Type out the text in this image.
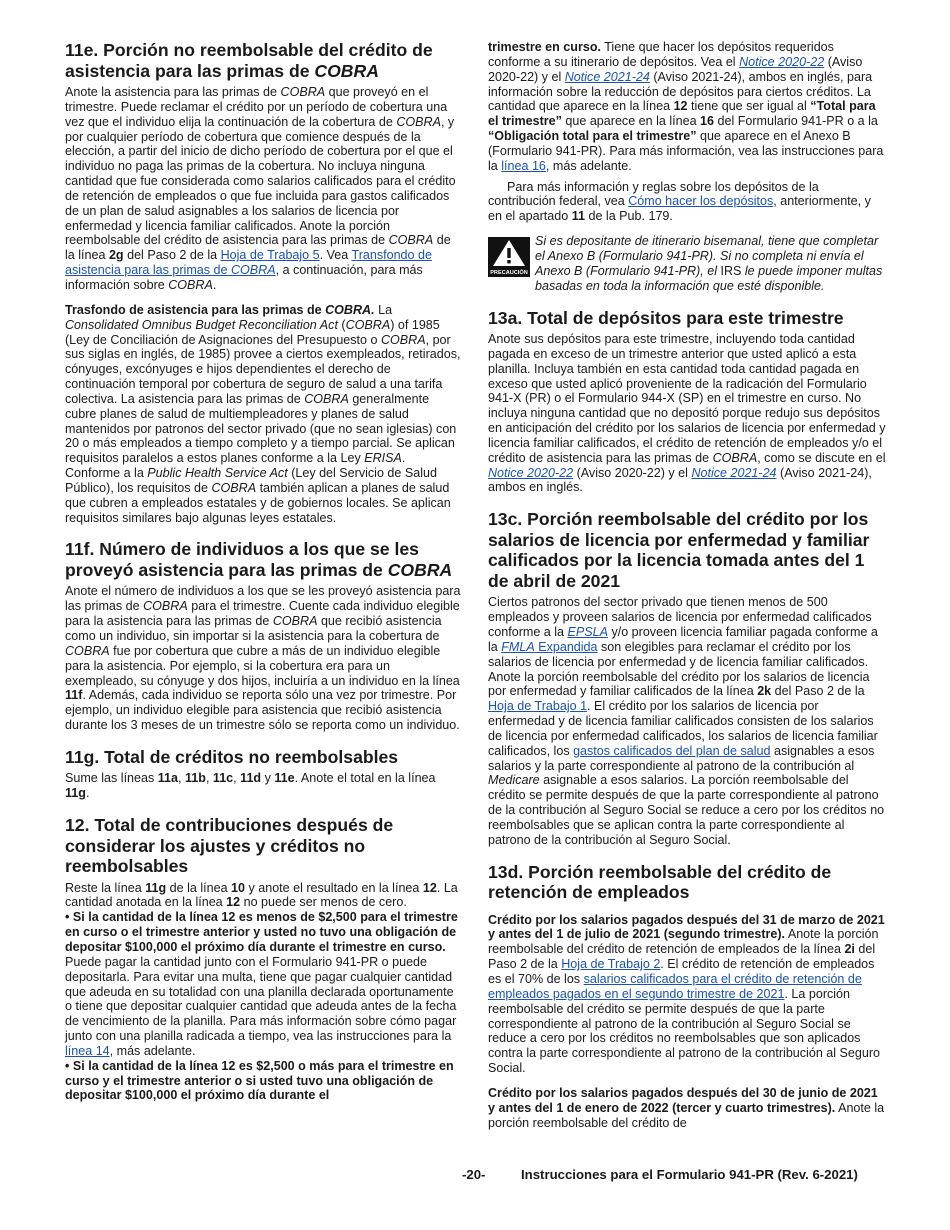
11e. Porción no reembolsable del crédito de asistencia para las primas de COBRA

Anote la asistencia para las primas de COBRA que proveyó en el trimestre. Puede reclamar el crédito por un período de cobertura una vez que el individuo elija la continuación de la cobertura de COBRA, y por cualquier período de cobertura que comience después de la elección, a partir del inicio de dicho período de cobertura por el que el individuo no paga las primas de la cobertura. No incluya ninguna cantidad que fue considerada como salarios calificados para el crédito de retención de empleados o que fue incluida para gastos calificados de un plan de salud asignables a los salarios de licencia por enfermedad y licencia familiar calificados. Anote la porción reembolsable del crédito de asistencia para las primas de COBRA de la línea 2g del Paso 2 de la Hoja de Trabajo 5. Vea Transfondo de asistencia para las primas de COBRA, a continuación, para más información sobre COBRA.

Trasfondo de asistencia para las primas de COBRA. La Consolidated Omnibus Budget Reconciliation Act (COBRA) of 1985 (Ley de Conciliación de Asignaciones del Presupuesto o COBRA, por sus siglas en inglés, de 1985) provee a ciertos exempleados, retirados, cónyuges, excónyuges e hijos dependientes el derecho de continuación temporal por cobertura de seguro de salud a una tarifa colectiva. La asistencia para las primas de COBRA generalmente cubre planes de salud de multiempleadores y planes de salud mantenidos por patronos del sector privado (que no sean iglesias) con 20 o más empleados a tiempo completo y a tiempo parcial. Se aplican requisitos paralelos a estos planes conforme a la Ley ERISA. Conforme a la Public Health Service Act (Ley del Servicio de Salud Público), los requisitos de COBRA también aplican a planes de salud que cubren a empleados estatales y de gobiernos locales. Se aplican requisitos similares bajo algunas leyes estatales.

11f. Número de individuos a los que se les proveyó asistencia para las primas de COBRA

Anote el número de individuos a los que se les proveyó asistencia para las primas de COBRA para el trimestre. Cuente cada individuo elegible para la asistencia para las primas de COBRA que recibió asistencia como un individuo, sin importar si la asistencia para la cobertura de COBRA fue por cobertura que cubre a más de un individuo elegible para la asistencia. Por ejemplo, si la cobertura era para un exempleado, su cónyuge y dos hijos, incluiría a un individuo en la línea 11f. Además, cada individuo se reporta sólo una vez por trimestre. Por ejemplo, un individuo elegible para asistencia que recibió asistencia durante los 3 meses de un trimestre sólo se reporta como un individuo.

11g. Total de créditos no reembolsables

Sume las líneas 11a, 11b, 11c, 11d y 11e. Anote el total en la línea 11g.

12. Total de contribuciones después de considerar los ajustes y créditos no reembolsables

Reste la línea 11g de la línea 10 y anote el resultado en la línea 12. La cantidad anotada en la línea 12 no puede ser menos de cero.

• Si la cantidad de la línea 12 es menos de $2,500 para el trimestre en curso o el trimestre anterior y usted no tuvo una obligación de depositar $100,000 el próximo día durante el trimestre en curso. Puede pagar la cantidad junto con el Formulario 941-PR o puede depositarla. Para evitar una multa, tiene que pagar cualquier cantidad que adeuda en su totalidad con una planilla declarada oportunamente o tiene que depositar cualquier cantidad que adeuda antes de la fecha de vencimiento de la planilla. Para más información sobre cómo pagar junto con una planilla radicada a tiempo, vea las instrucciones para la línea 14, más adelante.

• Si la cantidad de la línea 12 es $2,500 o más para el trimestre en curso y el trimestre anterior o si usted tuvo una obligación de depositar $100,000 el próximo día durante el

trimestre en curso. Tiene que hacer los depósitos requeridos conforme a su itinerario de depósitos. Vea el Notice 2020-22 (Aviso 2020-22) y el Notice 2021-24 (Aviso 2021-24), ambos en inglés, para información sobre la reducción de depósitos para ciertos créditos. La cantidad que aparece en la línea 12 tiene que ser igual al “Total para el trimestre” que aparece en la línea 16 del Formulario 941-PR o a la “Obligación total para el trimestre” que aparece en el Anexo B (Formulario 941-PR). Para más información, vea las instrucciones para la línea 16, más adelante.

Para más información y reglas sobre los depósitos de la contribución federal, vea Cómo hacer los depósitos, anteriormente, y en el apartado 11 de la Pub. 179.

PRECAUCIÓN

Si es depositante de itinerario bisemanal, tiene que completar el Anexo B (Formulario 941-PR). Si no completa ni envía el Anexo B (Formulario 941-PR), el IRS le puede imponer multas basadas en toda la información que esté disponible.

13a. Total de depósitos para este trimestre

Anote sus depósitos para este trimestre, incluyendo toda cantidad pagada en exceso de un trimestre anterior que usted aplicó a esta planilla. Incluya también en esta cantidad toda cantidad pagada en exceso que usted aplicó proveniente de la radicación del Formulario 941-X (PR) o el Formulario 944-X (SP) en el trimestre en curso. No incluya ninguna cantidad que no depositó porque redujo sus depósitos en anticipación del crédito por los salarios de licencia por enfermedad y licencia familiar calificados, el crédito de retención de empleados y/o el crédito de asistencia para las primas de COBRA, como se discute en el Notice 2020-22 (Aviso 2020-22) y el Notice 2021-24 (Aviso 2021-24), ambos en inglés.

13c. Porción reembolsable del crédito por los salarios de licencia por enfermedad y familiar calificados por la licencia tomada antes del 1 de abril de 2021

Ciertos patronos del sector privado que tienen menos de 500 empleados y proveen salarios de licencia por enfermedad calificados conforme a la EPSLA y/o proveen licencia familiar pagada conforme a la FMLA Expandida son elegibles para reclamar el crédito por los salarios de licencia por enfermedad y de licencia familiar calificados. Anote la porción reembolsable del crédito por los salarios de licencia por enfermedad y familiar calificados de la línea 2k del Paso 2 de la Hoja de Trabajo 1. El crédito por los salarios de licencia por enfermedad y de licencia familiar calificados consisten de los salarios de licencia por enfermedad calificados, los salarios de licencia familiar calificados, los gastos calificados del plan de salud asignables a esos salarios y la parte correspondiente al patrono de la contribución al Medicare asignable a esos salarios. La porción reembolsable del crédito se permite después de que la parte correspondiente al patrono de la contribución al Seguro Social se reduce a cero por los créditos no reembolsables que se aplican contra la parte correspondiente al patrono de la contribución al Seguro Social.

13d. Porción reembolsable del crédito de retención de empleados

Crédito por los salarios pagados después del 31 de marzo de 2021 y antes del 1 de julio de 2021 (segundo trimestre). Anote la porción reembolsable del crédito de retención de empleados de la línea 2i del Paso 2 de la Hoja de Trabajo 2. El crédito de retención de empleados es el 70% de los salarios calificados para el crédito de retención de empleados pagados en el segundo trimestre de 2021. La porción reembolsable del crédito se permite después de que la parte correspondiente al patrono de la contribución al Seguro Social se reduce a cero por los créditos no reembolsables que son aplicados contra la parte correspondiente al patrono de la contribución al Seguro Social.

Crédito por los salarios pagados después del 30 de junio de 2021 y antes del 1 de enero de 2022 (tercer y cuarto trimestres). Anote la porción reembolsable del crédito de

-20-	Instrucciones para el Formulario 941-PR (Rev. 6-2021)
